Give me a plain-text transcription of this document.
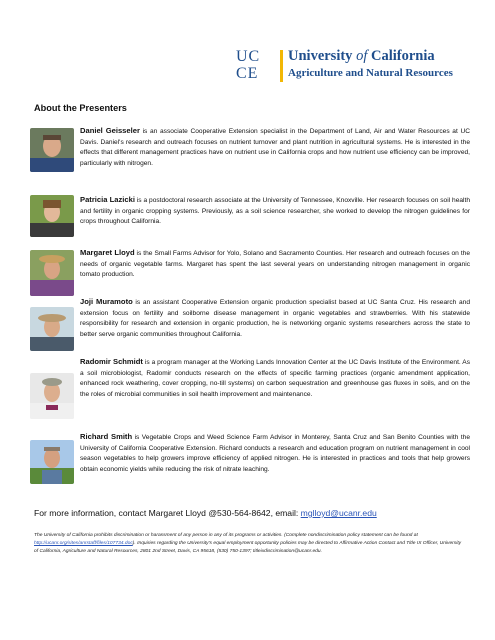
UC
CE
University of California
Agriculture and Natural Resources
About the Presenters
Daniel Geisseler is an associate Cooperative Extension specialist in the Department of Land, Air and Water Resources at UC Davis. Daniel's research and outreach focuses on nutrient turnover and plant nutrition in agricultural systems. He is interested in the effects that different management practices have on nutrient use in California crops and how nutrient use efficiency can be improved, particularly with nitrogen.
Patricia Lazicki is a postdoctoral research associate at the University of Tennessee, Knoxville. Her research focuses on soil health and fertility in organic cropping systems. Previously, as a soil science researcher, she worked to develop the nitrogen guidelines for crops throughout California.
Margaret Lloyd is the Small Farms Advisor for Yolo, Solano and Sacramento Counties. Her research and outreach focuses on the needs of organic vegetable farms. Margaret has spent the last several years on understanding nitrogen management in organic tomato production.
Joji Muramoto is an assistant Cooperative Extension organic production specialist based at UC Santa Cruz. His research and extension focus on fertility and soilborne disease management in organic vegetables and strawberries. With his statewide responsibility for research and extension in organic production, he is networking organic systems researchers across the state to better serve organic communities throughout California.
Radomir Schmidt is a program manager at the Working Lands Innovation Center at the UC Davis Institute of the Environment. As a soil microbiologist, Radomir conducts research on the effects of specific farming practices (organic amendment application, enhanced rock weathering, cover cropping, no-till systems) on carbon sequestration and greenhouse gas fluxes in soils, and on the the roles of microbial communities in soil health improvement and maintenance.
Richard Smith is Vegetable Crops and Weed Science Farm Advisor in Monterey, Santa Cruz and San Benito Counties with the University of California Cooperative Extension. Richard conducts a research and education program on nutrient management in cool season vegetables to help growers improve efficiency of applied nitrogen. He is interested in practices and tools that help growers obtain economic yields while reducing the risk of nitrate leaching.
For more information, contact Margaret Lloyd @530-564-8642, email: mglloyd@ucanr.edu
The University of California prohibits discrimination or harassment of any person in any of its programs or activities. (Complete nondiscrimination policy statement can be found at http://ucanr.org/sites/anrstaff/files/107734.doc). Inquiries regarding the University's equal employment opportunity policies may be directed to Affirmative Action Contact and Title IX Officer, University of California, Agriculture and Natural Resources, 2801 2nd Street, Davis, CA 95618, (530) 750-1397; titleixdiscrimination@ucanr.edu.
